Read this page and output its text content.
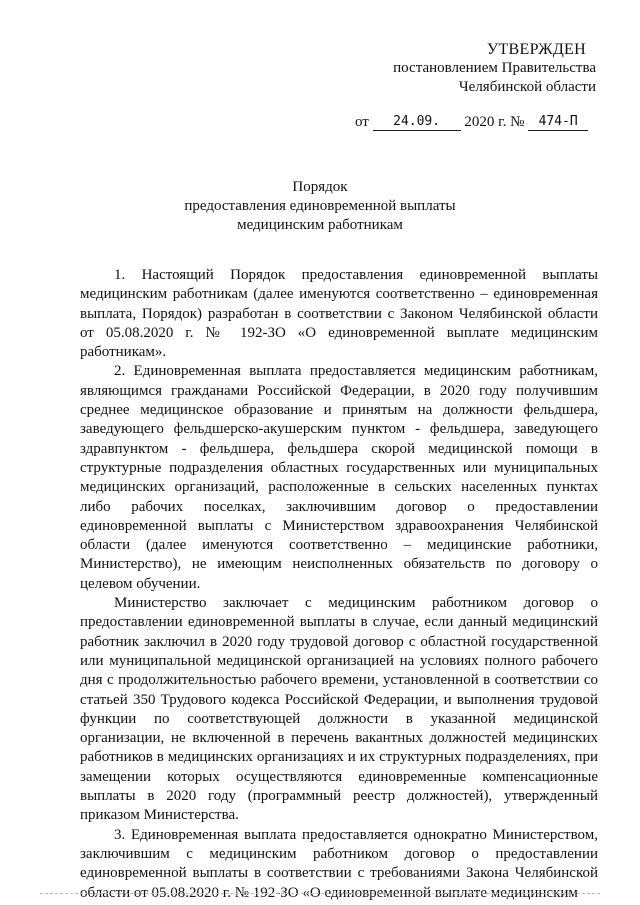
УТВЕРЖДЕН
постановлением Правительства
Челябинской области
от 24.09. 2020 г. № 474-П
Порядок
предоставления единовременной выплаты
медицинским работникам

1. Настоящий Порядок предоставления единовременной выплаты медицинским работникам (далее именуются соответственно – единовременная выплата, Порядок) разработан в соответствии с Законом Челябинской области от 05.08.2020 г. № 192-ЗО «О единовременной выплате медицинским работникам».

2. Единовременная выплата предоставляется медицинским работникам, являющимся гражданами Российской Федерации, в 2020 году получившим среднее медицинское образование и принятым на должности фельдшера, заведующего фельдшерско-акушерским пунктом - фельдшера, заведующего здравпунктом - фельдшера, фельдшера скорой медицинской помощи в структурные подразделения областных государственных или муниципальных медицинских организаций, расположенные в сельских населенных пунктах либо рабочих поселках, заключившим договор о предоставлении единовременной выплаты с Министерством здравоохранения Челябинской области (далее именуются соответственно – медицинские работники, Министерство), не имеющим неисполненных обязательств по договору о целевом обучении.

Министерство заключает с медицинским работником договор о предоставлении единовременной выплаты в случае, если данный медицинский работник заключил в 2020 году трудовой договор с областной государственной или муниципальной медицинской организацией на условиях полного рабочего дня с продолжительностью рабочего времени, установленной в соответствии со статьей 350 Трудового кодекса Российской Федерации, и выполнения трудовой функции по соответствующей должности в указанной медицинской организации, не включенной в перечень вакантных должностей медицинских работников в медицинских организациях и их структурных подразделениях, при замещении которых осуществляются единовременные компенсационные выплаты в 2020 году (программный реестр должностей), утвержденный приказом Министерства.

3. Единовременная выплата предоставляется однократно Министерством, заключившим с медицинским работником договор о предоставлении единовременной выплаты в соответствии с требованиями Закона Челябинской области от 05.08.2020 г. № 192-ЗО «О единовременной выплате медицинским
